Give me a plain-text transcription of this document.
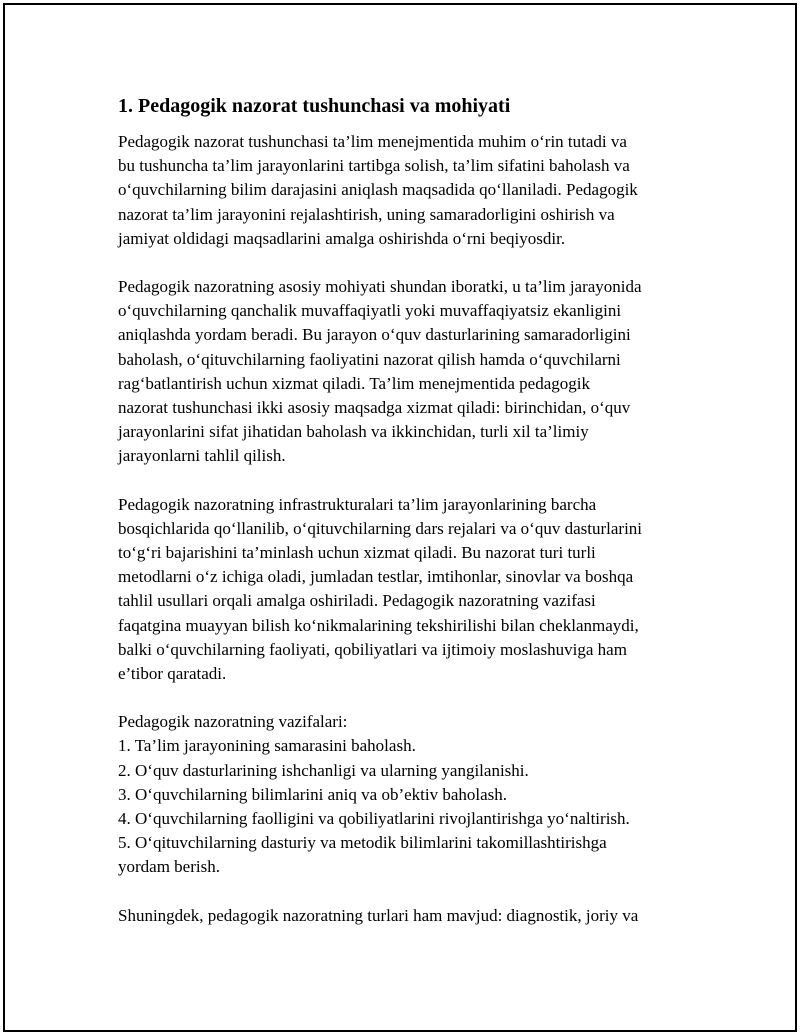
1. Pedagogik nazorat tushunchasi va mohiyati

Pedagogik nazorat tushunchasi ta’lim menejmentida muhim o‘rin tutadi va
bu tushuncha ta’lim jarayonlarini tartibga solish, ta’lim sifatini baholash va
o‘quvchilarning bilim darajasini aniqlash maqsadida qo‘llaniladi. Pedagogik
nazorat ta’lim jarayonini rejalashtirish, uning samaradorligini oshirish va
jamiyat oldidagi maqsadlarini amalga oshirishda o‘rni beqiyosdir.

Pedagogik nazoratning asosiy mohiyati shundan iboratki, u ta’lim jarayonida
o‘quvchilarning qanchalik muvaffaqiyatli yoki muvaffaqiyatsiz ekanligini
aniqlashda yordam beradi. Bu jarayon o‘quv dasturlarining samaradorligini
baholash, o‘qituvchilarning faoliyatini nazorat qilish hamda o‘quvchilarni
rag‘batlantirish uchun xizmat qiladi. Ta’lim menejmentida pedagogik
nazorat tushunchasi ikki asosiy maqsadga xizmat qiladi: birinchidan, o‘quv
jarayonlarini sifat jihatidan baholash va ikkinchidan, turli xil ta’limiy
jarayonlarni tahlil qilish.

Pedagogik nazoratning infrastrukturalari ta’lim jarayonlarining barcha
bosqichlarida qo‘llanilib, o‘qituvchilarning dars rejalari va o‘quv dasturlarini
to‘g‘ri bajarishini ta’minlash uchun xizmat qiladi. Bu nazorat turi turli
metodlarni o‘z ichiga oladi, jumladan testlar, imtihonlar, sinovlar va boshqa
tahlil usullari orqali amalga oshiriladi. Pedagogik nazoratning vazifasi
faqatgina muayyan bilish ko‘nikmalarining tekshirilishi bilan cheklanmaydi,
balki o‘quvchilarning faoliyati, qobiliyatlari va ijtimoiy moslashuviga ham
e’tibor qaratadi.

Pedagogik nazoratning vazifalari:

1. Ta’lim jarayonining samarasini baholash.
2. O‘quv dasturlarining ishchanligi va ularning yangilanishi.
3. O‘quvchilarning bilimlarini aniq va ob’ektiv baholash.
4. O‘quvchilarning faolligini va qobiliyatlarini rivojlantirishga yo‘naltirish.
5. O‘qituvchilarning dasturiy va metodik bilimlarini takomillashtirishga
yordam berish.

Shuningdek, pedagogik nazoratning turlari ham mavjud: diagnostik, joriy va
